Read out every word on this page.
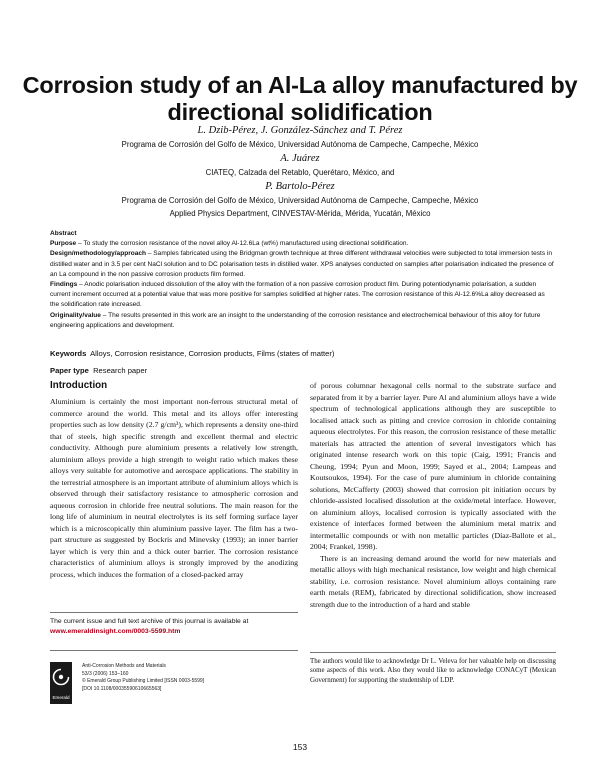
Corrosion study of an Al-La alloy manufactured by directional solidification
L. Dzib-Pérez, J. González-Sánchez and T. Pérez
Programa de Corrosión del Golfo de México, Universidad Autónoma de Campeche, Campeche, México
A. Juárez
CIATEQ, Calzada del Retablo, Querétaro, México, and
P. Bartolo-Pérez
Programa de Corrosión del Golfo de México, Universidad Autónoma de Campeche, Campeche, México
Applied Physics Department, CINVESTAV-Mérida, Mérida, Yucatán, México

Abstract

Purpose – To study the corrosion resistance of the novel alloy Al-12.6La (wt%) manufactured using directional solidification.

Design/methodology/approach – Samples fabricated using the Bridgman growth technique at three different withdrawal velocities were subjected to total immersion tests in distilled water and in 3.5 per cent NaCl solution and to DC polarisation tests in distilled water. XPS analyses conducted on samples after polarisation indicated the presence of an La compound in the non passive corrosion products film formed.

Findings – Anodic polarisation induced dissolution of the alloy with the formation of a non passive corrosion product film. During potentiodynamic polarisation, a sudden current increment occurred at a potential value that was more positive for samples solidified at higher rates. The corrosion resistance of this Al-12.6%La alloy decreased as the solidification rate increased.

Originality/value – The results presented in this work are an insight to the understanding of the corrosion resistance and electrochemical behaviour of this alloy for future engineering applications and development.

Keywords Alloys, Corrosion resistance, Corrosion products, Films (states of matter)
Paper type Research paper
Introduction

Aluminium is certainly the most important non-ferrous structural metal of commerce around the world. This metal and its alloys offer interesting properties such as low density (2.7 g/cm³), which represents a density one-third that of steels, high specific strength and excellent thermal and electric conductivity. Although pure aluminium presents a relatively low strength, aluminium alloys provide a high strength to weight ratio which makes these alloys very suitable for automotive and aerospace applications. The stability in the terrestrial atmosphere is an important attribute of aluminium alloys which is observed through their satisfactory resistance to atmospheric corrosion and aqueous corrosion in chloride free neutral solutions. The main reason for the long life of aluminium in neutral electrolytes is its self forming surface layer which is a microscopically thin aluminium passive layer. The film has a two-part structure as suggested by Bockris and Minevsky (1993); an inner barrier layer which is very thin and a thick outer barrier. The corrosion resistance characteristics of aluminium alloys is strongly improved by the anodizing process, which induces the formation of a closed-packed array

of porous columnar hexagonal cells normal to the substrate surface and separated from it by a barrier layer. Pure Al and aluminium alloys have a wide spectrum of technological applications although they are susceptible to localised attack such as pitting and crevice corrosion in chloride containing aqueous electrolytes. For this reason, the corrosion resistance of these metallic materials has attracted the attention of several investigators which has originated intense research work on this topic (Caig, 1991; Francis and Cheung, 1994; Pyun and Moon, 1999; Sayed et al., 2004; Lampeas and Koutsoukos, 1994). For the case of pure aluminium in chloride containing solutions, McCafferty (2003) showed that corrosion pit initiation occurs by chloride-assisted localised dissolution at the oxide/metal interface. However, on aluminium alloys, localised corrosion is typically associated with the existence of interfaces formed between the aluminium metal matrix and intermetallic compounds or with non metallic particles (Díaz-Ballote et al., 2004; Frankel, 1998).

There is an increasing demand around the world for new materials and metallic alloys with high mechanical resistance, low weight and high chemical stability, i.e. corrosion resistance. Novel aluminium alloys containing rare earth metals (REM), fabricated by directional solidification, show increased strength due to the introduction of a hard and stable

The current issue and full text archive of this journal is available at
www.emeraldinsight.com/0003-5599.htm
Emerald
Anti-Corrosion Methods and Materials
53/3 (2006) 153–160
© Emerald Group Publishing Limited [ISSN 0003-5599]
[DOI 10.1108/00035590610665563]
The authors would like to acknowledge Dr L. Veleva for her valuable help on discussing some aspects of this work. Also they would like to acknowledge CONACyT (Mexican Government) for supporting the studentship of LDP.
153
